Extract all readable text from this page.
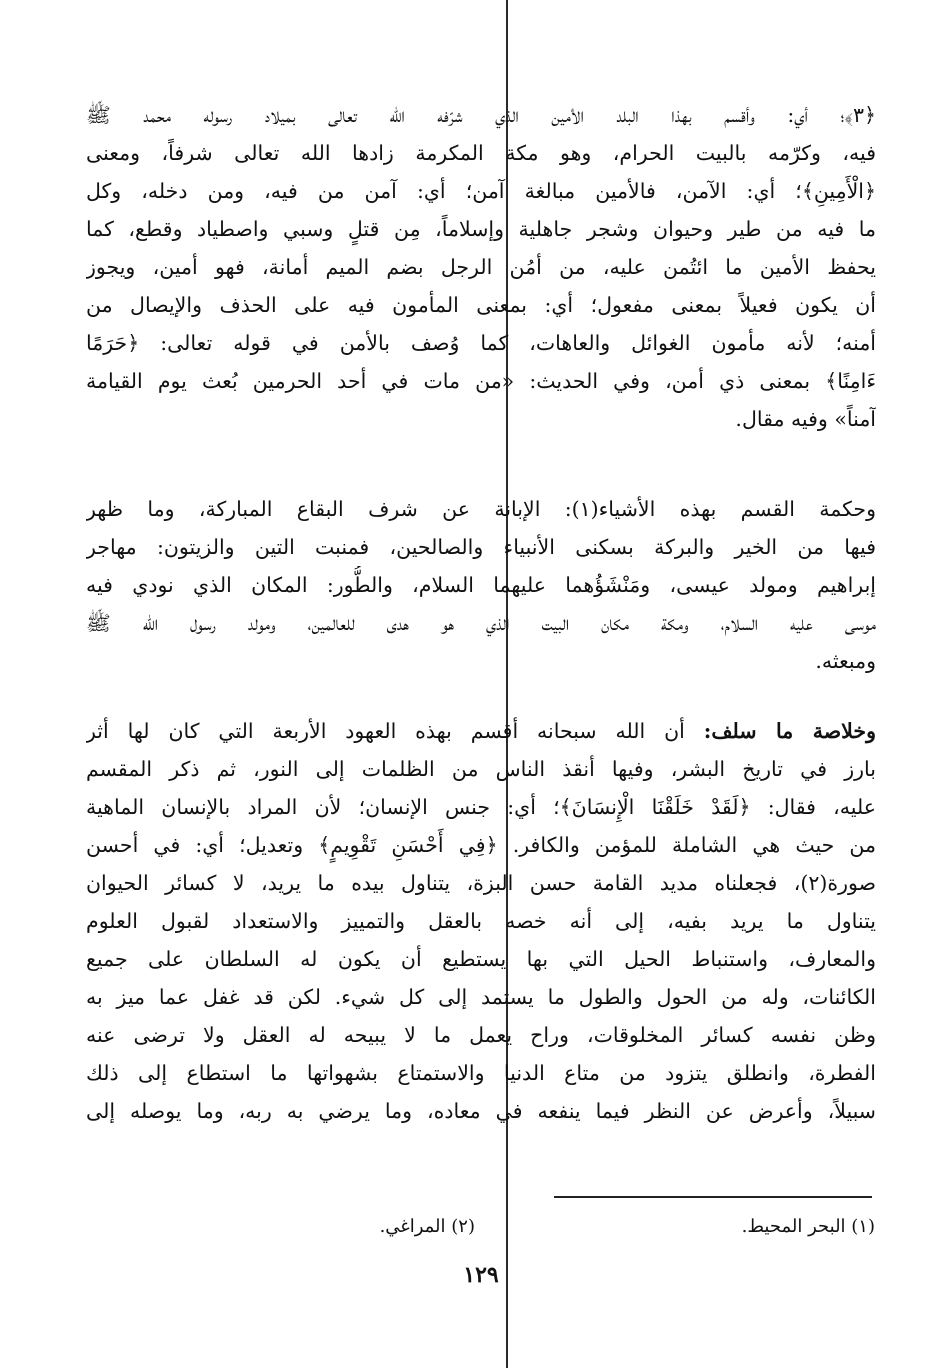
﴿٣﴾؛ أي: وأقسم بهذا البلد الأمين الذي شرّفه الله تعالى بميلاد رسوله محمد ﷺ
فيه، وكرّمه بالبيت الحرام، وهو مكة المكرمة زادها الله تعالى شرفاً، ومعنى
﴿الْأَمِينِ﴾؛ أي: الآمن، فالأمين مبالغة آمن؛ أي: آمن من فيه، ومن دخله، وكل
ما فيه من طير وحيوان وشجر جاهلية وإسلاماً، مِن قتلٍ وسبي واصطياد وقطع، كما
يحفظ الأمين ما ائتُمن عليه، من أمُن الرجل بضم الميم أمانة، فهو أمين، ويجوز
أن يكون فعيلاً بمعنى مفعول؛ أي: بمعنى المأمون فيه على الحذف والإيصال من
أمنه؛ لأنه مأمون الغوائل والعاهات، كما وُصف بالأمن في قوله تعالى: ﴿حَرَمًا
ءَامِنًا﴾ بمعنى ذي أمن، وفي الحديث: «من مات في أحد الحرمين بُعث يوم القيامة
آمناً» وفيه مقال.
وحكمة القسم بهذه الأشياء(١): الإبانة عن شرف البقاع المباركة، وما ظهر
فيها من الخير والبركة بسكنى الأنبياء والصالحين، فمنبت التين والزيتون: مهاجر
إبراهيم ومولد عيسى، ومَنْشَؤُهما عليهما السلام، والطُّور: المكان الذي نودي فيه
موسى عليه السلام، ومكة مكان البيت الذي هو هدى للعالمين، ومولد رسول الله ﷺ
ومبعثه.
وخلاصة ما سلف: أن الله سبحانه أقسم بهذه العهود الأربعة التي كان لها أثر
بارز في تاريخ البشر، وفيها أنقذ الناس من الظلمات إلى النور، ثم ذكر المقسم
عليه، فقال: ﴿لَقَدْ خَلَقْنَا الْإِنسَانَ﴾؛ أي: جنس الإنسان؛ لأن المراد بالإنسان الماهية
من حيث هي الشاملة للمؤمن والكافر. ﴿فِي أَحْسَنِ تَقْوِيمٍ﴾ وتعديل؛ أي: في أحسن
صورة(٢)، فجعلناه مديد القامة حسن البزة، يتناول بيده ما يريد، لا كسائر الحيوان
يتناول ما يريد بفيه، إلى أنه خصه بالعقل والتمييز والاستعداد لقبول العلوم
والمعارف، واستنباط الحيل التي بها يستطيع أن يكون له السلطان على جميع
الكائنات، وله من الحول والطول ما يستمد إلى كل شيء. لكن قد غفل عما ميز به
وظن نفسه كسائر المخلوقات، وراح يعمل ما لا يبيحه له العقل ولا ترضى عنه
الفطرة، وانطلق يتزود من متاع الدنيا والاستمتاع بشهواتها ما استطاع إلى ذلك
سبيلاً، وأعرض عن النظر فيما ينفعه في معاده، وما يرضي به ربه، وما يوصله إلى
(١) البحر المحيط.
(٢) المراغي.
١٢٩
